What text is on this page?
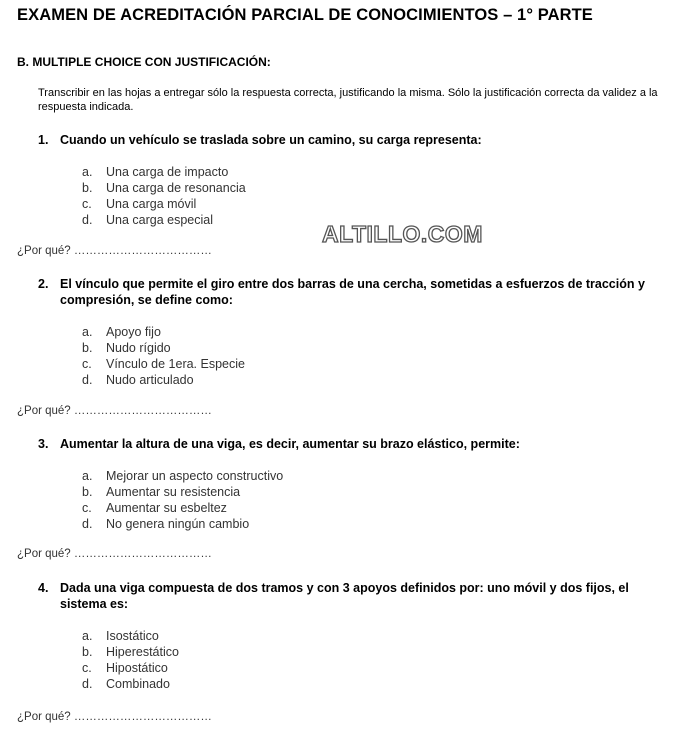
EXAMEN DE ACREDITACIÓN PARCIAL DE CONOCIMIENTOS – 1° PARTE
B. MULTIPLE CHOICE CON JUSTIFICACIÓN:
Transcribir en las hojas a entregar sólo la respuesta correcta, justificando la misma. Sólo la justificación correcta da validez a la respuesta indicada.
ALTILLO.COM
1. Cuando un vehículo se traslada sobre un camino, su carga representa:
a. Una carga de impacto
b. Una carga de resonancia
c. Una carga móvil
d. Una carga especial
¿Por qué? ………………………………
2. El vínculo que permite el giro entre dos barras de una cercha, sometidas a esfuerzos de tracción y compresión, se define como:
a. Apoyo fijo
b. Nudo rígido
c. Vínculo de 1era. Especie
d. Nudo articulado
¿Por qué? ………………………………
3. Aumentar la altura de una viga, es decir, aumentar su brazo elástico, permite:
a. Mejorar un aspecto constructivo
b. Aumentar su resistencia
c. Aumentar su esbeltez
d. No genera ningún cambio
¿Por qué? ………………………………
4. Dada una viga compuesta de dos tramos y con 3 apoyos definidos por: uno móvil y dos fijos, el sistema es:
a. Isostático
b. Hiperestático
c. Hipostático
d. Combinado
¿Por qué? ………………………………
